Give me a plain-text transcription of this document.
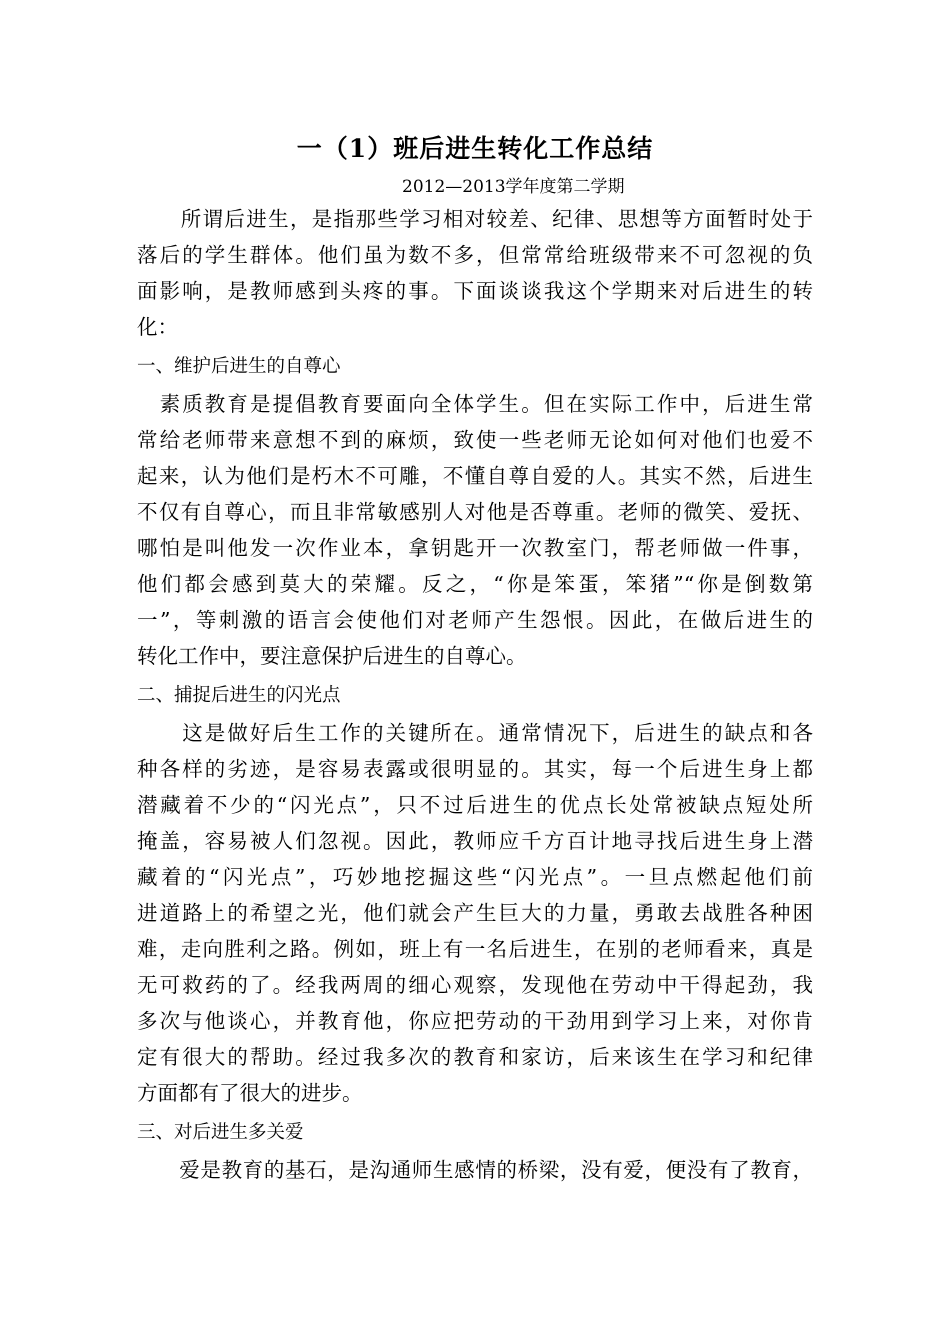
一（1）班后进生转化工作总结
2012—2013学年度第二学期
　　所谓后进生，是指那些学习相对较差、纪律、思想等方面暂时处于
落后的学生群体。他们虽为数不多，但常常给班级带来不可忽视的负
面影响，是教师感到头疼的事。下面谈谈我这个学期来对后进生的转
化：
一、维护后进生的自尊心
　素质教育是提倡教育要面向全体学生。但在实际工作中，后进生常
常给老师带来意想不到的麻烦，致使一些老师无论如何对他们也爱不
起来，认为他们是朽木不可雕，不懂自尊自爱的人。其实不然，后进生
不仅有自尊心，而且非常敏感别人对他是否尊重。老师的微笑、爱抚、
哪怕是叫他发一次作业本，拿钥匙开一次教室门，帮老师做一件事，
他们都会感到莫大的荣耀。反之，“你是笨蛋，笨猪”“你是倒数第
一”，等刺激的语言会使他们对老师产生怨恨。因此，在做后进生的
转化工作中，要注意保护后进生的自尊心。
二、捕捉后进生的闪光点
　　这是做好后生工作的关键所在。通常情况下，后进生的缺点和各
种各样的劣迹，是容易表露或很明显的。其实，每一个后进生身上都
潜藏着不少的“闪光点”，只不过后进生的优点长处常被缺点短处所
掩盖，容易被人们忽视。因此，教师应千方百计地寻找后进生身上潜
藏着的“闪光点”，巧妙地挖掘这些“闪光点”。一旦点燃起他们前
进道路上的希望之光，他们就会产生巨大的力量，勇敢去战胜各种困
难，走向胜利之路。例如，班上有一名后进生，在别的老师看来，真是
无可救药的了。经我两周的细心观察，发现他在劳动中干得起劲，我
多次与他谈心，并教育他，你应把劳动的干劲用到学习上来，对你肯
定有很大的帮助。经过我多次的教育和家访，后来该生在学习和纪律
方面都有了很大的进步。
三、对后进生多关爱
　　爱是教育的基石，是沟通师生感情的桥梁，没有爱，便没有了教育，
